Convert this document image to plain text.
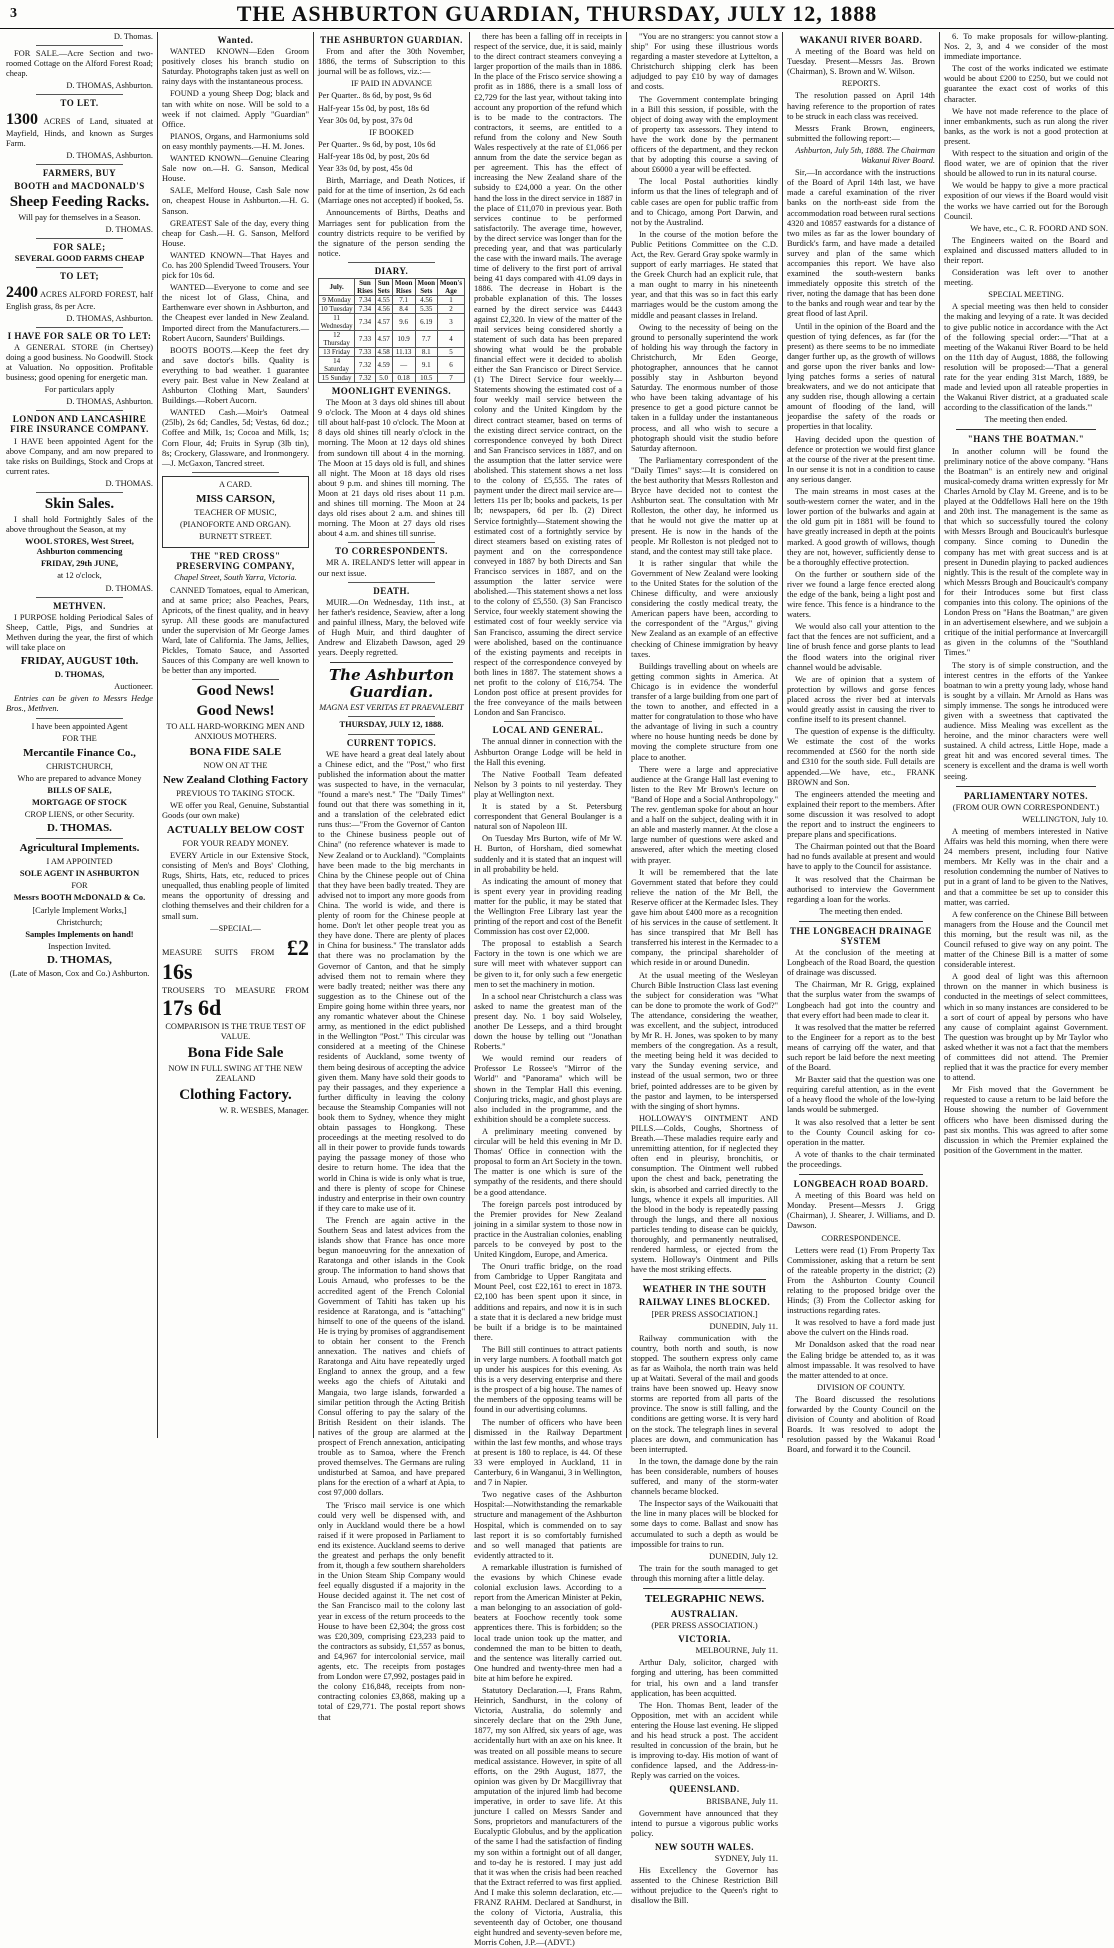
3	THE ASHBURTON GUARDIAN, THURSDAY, JULY 12, 1888

D. Thomas.

FOR SALE.—Acre Section and two-roomed Cottage on the Alford Forest Road; cheap.

D. THOMAS, Ashburton.

TO LET.

1300 ACRES of Land, situated at Mayfield, Hinds, and known as Surges Farm.

D. THOMAS, Ashburton.

FARMERS, BUY
BOOTH and MACDONALD'S
Sheep Feeding Racks.

Will pay for themselves in a Season.

D. THOMAS.

FOR SALE;

SEVERAL GOOD FARMS CHEAP

TO LET;

2400 ACRES ALFORD FOREST, half English grass, 8s per Acre.

D. THOMAS, Ashburton.

I HAVE FOR SALE OR TO LET:

A GENERAL STORE (in Chertsey) doing a good business. No Goodwill. Stock at Valuation. No opposition. Profitable business; good opening for energetic man.

For particulars apply

D. THOMAS, Ashburton.

LONDON AND LANCASHIRE FIRE INSURANCE COMPANY.

I HAVE been appointed Agent for the above Company, and am now prepared to take risks on Buildings, Stock and Crops at current rates.

D. THOMAS.

Skin Sales.

I shall hold Fortnightly Sales of the above throughout the Season, at my

WOOL STORES, West Street, Ashburton commencing

FRIDAY, 29th JUNE,

at 12 o'clock,

D. THOMAS.

METHVEN.

I PURPOSE holding Periodical Sales of Sheep, Cattle, Pigs, and Sundries at Methven during the year, the first of which will take place on

FRIDAY, AUGUST 10th.

D. THOMAS,

Auctioneer.

Entries can be given to Messrs Hedge Bros., Methven.

I have been appointed Agent

FOR THE

Mercantile Finance Co.,

CHRISTCHURCH,

Who are prepared to advance Money

BILLS OF SALE,

MORTGAGE OF STOCK

CROP LIENS, or other Security.

D. THOMAS.

Agricultural Implements.

I AM APPOINTED

SOLE AGENT IN ASHBURTON

FOR

Messrs BOOTH McDONALD & Co.

[Carlyle Implement Works,]

Christchurch;

Samples Implements on hand!

Inspection Invited.

D. THOMAS,

(Late of Mason, Cox and Co.) Ashburton.

Wanted.

WANTED KNOWN—Eden Groom positively closes his branch studio on Saturday. Photographs taken just as well on rainy days with the instantaneous process.

FOUND a young Sheep Dog; black and tan with white on nose. Will be sold to a week if not claimed. Apply "Guardian" Office.

PIANOS, Organs, and Harmoniums sold on easy monthly payments.—H. M. Jones.

WANTED KNOWN—Genuine Clearing Sale now on.—H. G. Sanson, Medical House.

SALE, Melford House, Cash Sale now on, cheapest House in Ashburton.—H. G. Sanson.

GREATEST Sale of the day, every thing cheap for Cash.—H. G. Sanson, Melford House.

WANTED KNOWN—That Hayes and Co. has 200 Splendid Tweed Trousers. Your pick for 10s 6d.

WANTED—Everyone to come and see the nicest lot of Glass, China, and Earthenware ever shown in Ashburton, and the Cheapest ever landed in New Zealand. Imported direct from the Manufacturers.—Robert Aucorn, Saunders' Buildings.

BOOTS BOOTS.—Keep the feet dry and save doctor's bills. Quality is everything to bad weather. 1 guarantee every pair. Best value in New Zealand at Ashburton Clothing Mart, Saunders' Buildings.—Robert Aucorn.

WANTED Cash.—Moir's Oatmeal (25lb), 2s 6d; Candles, 5d; Vestas, 6d doz.; Coffee and Milk, 1s; Cocoa and Milk, 1s; Corn Flour, 4d; Fruits in Syrup (3lb tin), 8s; Crockery, Glassware, and Ironmongery.—J. McGaxon, Tancred street.

A CARD.

MISS CARSON,

TEACHER OF MUSIC,

(PIANOFORTE AND ORGAN).

BURNETT STREET.

THE "RED CROSS" PRESERVING COMPANY,

Chapel Street, South Yarra, Victoria.

CANNED Tomatoes, equal to American, and at same price; also Peaches, Pears, Apricots, of the finest quality, and in heavy syrup. All these goods are manufactured under the supervision of Mr George James Ward, late of California. The Jams, Jellies, Pickles, Tomato Sauce, and Assorted Sauces of this Company are well known to be better than any imported.

Good News!
Good News!

TO ALL HARD-WORKING MEN AND ANXIOUS MOTHERS.

BONA FIDE SALE

NOW ON AT THE

New Zealand Clothing Factory

PREVIOUS TO TAKING STOCK.

WE offer you Real, Genuine, Substantial Goods (our own make)

ACTUALLY BELOW COST

FOR YOUR READY MONEY.

EVERY Article in our Extensive Stock, consisting of Men's and Boys' Clothing, Rugs, Shirts, Hats, etc, reduced to prices unequalled, thus enabling people of limited means the opportunity of dressing and clothing themselves and their children for a small sum.

—SPECIAL—

MEASURE SUITS FROM £2 16s

TROUSERS TO MEASURE FROM 17s 6d

COMPARISON IS THE TRUE TEST OF VALUE.

Bona Fide Sale

NOW IN FULL SWING AT THE NEW ZEALAND

Clothing Factory.

W. R. WESBES, Manager.

THE ASHBURTON GUARDIAN.

From and after the 30th November, 1886, the terms of Subscription to this journal will be as follows, viz.:—

IF PAID IN ADVANCE

Per Quarter.. 8s 6d, by post, 9s 6d

Half-year 15s 0d, by post, 18s 6d

Year 30s 0d, by post, 37s 0d

IF BOOKED

Per Quarter.. 9s 6d, by post, 10s 6d

Half-year 18s 0d, by post, 20s 6d

Year 33s 0d, by post, 45s 0d

Birth, Marriage, and Death Notices, if paid for at the time of insertion, 2s 6d each (Marriage ones not accepted) if booked, 5s.

Announcements of Births, Deaths and Marriages sent for publication from the country districts require to be verified by the signature of the person sending the notice.

DIARY.
July.	Sun Rises	Sun Sets	Moon Rises	Moon Sets	Moon's Age
9 Monday	7.34	4.55	7.1	4.56	1
10 Tuesday	7.34	4.56	8.4	5.35	2
11 Wednesday	7.34	4.57	9.6	6.19	3
12 Thursday	7.33	4.57	10.9	7.7	4
13 Friday	7.33	4.58	11.13	8.1	5
14 Saturday	7.32	4.59	—	9.1	6
15 Sunday	7.32	5.0	0.18	10.5	7
MOONLIGHT EVENINGS.

The Moon at 3 days old shines till about 9 o'clock. The Moon at 4 days old shines till about half-past 10 o'clock. The Moon at 8 days old shines till nearly o'clock in the morning. The Moon at 12 days old shines from sundown till about 4 in the morning. The Moon at 15 days old is full, and shines all night. The Moon at 18 days old rises about 9 p.m. and shines till morning. The Moon at 21 days old rises about 11 p.m. and shines till morning. The Moon at 24 days old rises about 2 a.m. and shines till morning. The Moon at 27 days old rises about 4 a.m. and shines till sunrise.

TO CORRESPONDENTS.

MR A. IRELAND'S letter will appear in our next issue.

DEATH.

MUIR.—On Wednesday, 11th inst., at her father's residence, Seaview, after a long and painful illness, Mary, the beloved wife of Hugh Muir, and third daughter of Andrew and Elizabeth Dawson, aged 29 years. Deeply regretted.

The Ashburton Guardian.

MAGNA EST VERITAS ET PRAEVALEBIT

THURSDAY, JULY 12, 1888.

CURRENT TOPICS.

WE have heard a great deal lately about a Chinese edict, and the "Post," who first published the information about the matter was suspected to have, in the vernacular, "found a mare's nest." The "Daily Times" found out that there was something in it, and a translation of the celebrated edict runs thus:—"From the Governor of Canton to the Chinese business people out of China" (no reference whatever is made to New Zealand or to Auckland). "Complaints have been made to the big merchants in China by the Chinese people out of China that they have been badly treated. They are advised not to import any more goods from China. The world is wide, and there is plenty of room for the Chinese people at home. Don't let other people treat you as they have done. There are plenty of places in China for business." The translator adds that there was no proclamation by the Governor of Canton, and that he simply advised them not to remain where they were badly treated; neither was there any suggestion as to the Chinese out of the Empire going home within three years, nor any romantic whatever about the Chinese army, as mentioned in the edict published in the Wellington "Post." This circular was considered at a meeting of the Chinese residents of Auckland, some twenty of them being desirous of accepting the advice given them. Many have sold their goods to pay their passages, and they experience a further difficulty in leaving the colony because the Steamship Companies will not book them to Sydney, whence they might obtain passages to Hongkong. These proceedings at the meeting resolved to do all in their power to provide funds towards paying the passage money of those who desire to return home. The idea that the world in China is wide is only what is true, and there is plenty of scope for Chinese industry and enterprise in their own country if they care to make use of it.

The French are again active in the Southern Seas and latest advices from the islands show that France has once more begun manoeuvring for the annexation of Raratonga and other islands in the Cook group. The information to hand shows that Louis Arnaud, who professes to be the accredited agent of the French Colonial Government of Tahiti has taken up his residence at Raratonga, and is "attaching" himself to one of the queens of the island. He is trying by promises of aggrandisement to obtain her consent to the French annexation. The natives and chiefs of Raratonga and Aitu have repeatedly urged England to annex the group, and a few weeks ago the chiefs of Aitutaki and Mangaia, two large islands, forwarded a similar petition through the Acting British Consul offering to pay the salary of the British Resident on their islands. The natives of the group are alarmed at the prospect of French annexation, anticipating trouble as to Samoa, where the French proved themselves. The Germans are ruling undisturbed at Samoa, and have prepared plans for the erection of a wharf at Apia, to cost 97,000 dollars.

The 'Frisco mail service is one which could very well be dispensed with, and only in Auckland would there be a howl raised if it were proposed in Parliament to end its existence. Auckland seems to derive the greatest and perhaps the only benefit from it, though a few southern shareholders in the Union Steam Ship Company would feel equally disgusted if a majority in the House decided against it. The net cost of the San Francisco mail to the colony last year in excess of the return proceeds to the House to have been £2,304; the gross cost was £20,309, comprising £23,233 paid to the contractors as subsidy, £1,557 as bonus, and £4,967 for intercolonial service, mail agents, etc. The receipts from postages from London were £7,992, postages paid in the colony £16,848, receipts from non-contracting colonies £3,868, making up a total of £29,771. The postal report shows that

there has been a falling off in receipts in respect of the service, due, it is said, mainly to the direct contract steamers conveying a larger proportion of the mails than in 1886. In the place of the Frisco service showing a profit as in 1886, there is a small loss of £2,729 for the last year, without taking into account any proportion of the refund which is to be made to the contractors. The contractors, it seems, are entitled to a refund from the colony and New South Wales respectively at the rate of £1,066 per annum from the date the service began as per agreement. This has the effect of increasing the New Zealand share of the subsidy to £24,000 a year. On the other hand the loss in the direct service in 1887 in the place of £11,070 in previous year. Both services continue to be performed satisfactorily. The average time, however, by the direct service was longer than for the preceding year, and that was particularly the case with the inward mails. The average time of delivery to the first port of arrival being 41 days compared with 41.09 days in 1886. The decrease in Hobart is the probable explanation of this. The losses earned by the direct service was £4443 against £2,320. In view of the matter of the mail services being considered shortly a statement of such data has been prepared showing what would be the probable financial effect were it decided to abolish either the San Francisco or Direct Service. (1) The Direct Service four weekly—Statements showing the estimated cost of a four weekly mail service between the colony and the United Kingdom by the direct contract steamer, based on terms of the existing direct service contract, on the correspondence conveyed by both Direct and San Francisco services in 1887, and on the assumption that the latter service were abolished. This statement shows a net loss to the colony of £5,555. The rates of payment under the direct mail service are—letters 11s per lb; books and packets, 1s per lb; newspapers, 6d per lb. (2) Direct Service fortnightly—Statement showing the estimated cost of a fortnightly service by direct steamers based on existing rates of payment and on the correspondence conveyed in 1887 by both Directs and San Francisco services in 1887, and on the assumption the latter service were abolished.—This statement shows a net loss to the colony of £5,550. (3) San Francisco Service, four weekly statement showing the estimated cost of four weekly service via San Francisco, assuming the direct service were abolished, based on the continuance of the existing payments and receipts in respect of the correspondence conveyed by both lines in 1887. The statement shows a net profit to the colony of £16,754. The London post office at present provides for the free conveyance of the mails between London and San Francisco.

LOCAL AND GENERAL.

The annual dinner in connection with the Ashburton Orange Lodge will be held in the Hall this evening.

The Native Football Team defeated Nelson by 3 points to nil yesterday. They play at Wellington next.

It is stated by a St. Petersburg correspondent that General Boulanger is a natural son of Napoleon III.

On Tuesday Mrs Burton, wife of Mr W. H. Burton, of Horsham, died somewhat suddenly and it is stated that an inquest will in all probability be held.

As indicating the amount of money that is spent every year in providing reading matter for the public, it may be stated that the Wellington Free Library last year the printing of the report and cost of the Benefit Commission has cost over £2,000.

The proposal to establish a Search Factory in the town is one which we are sure will meet with whatever support can be given to it, for only such a few energetic men to set the machinery in motion.

In a school near Christchurch a class was asked to name the greatest man of the present day. No. 1 boy said Wolseley, another De Lesseps, and a third brought down the house by telling out "Jonathan Roberts."

We would remind our readers of Professor Le Rossee's "Mirror of the World" and "Panorama" which will be shown in the Templar Hall this evening. Conjuring tricks, magic, and ghost plays are also included in the programme, and the exhibition should be a complete success.

A preliminary meeting convened by circular will be held this evening in Mr D. Thomas' Office in connection with the proposal to form an Art Society in the town. The matter is one which is sure of the sympathy of the residents, and there should be a good attendance.

The foreign parcels post introduced by the Premier provides for New Zealand joining in a similar system to those now in practice in the Australian colonies, enabling parcels to be conveyed by post to the United Kingdom, Europe, and America.

The Onuri traffic bridge, on the road from Cambridge to Upper Rangitata and Mount Peel, cost £22,161 to erect in 1873. £2,100 has been spent upon it since, in additions and repairs, and now it is in such a state that it is declared a new bridge must be built if a bridge is to be maintained there.

The Bill still continues to attract patients in very large numbers. A football match got up under his auspices for this evening. As this is a very deserving enterprise and there is the prospect of a big house. The names of the members of the opposing teams will be found in our advertising columns.

The number of officers who have been dismissed in the Railway Department within the last few months, and whose trays at present is 180 to replace, is 44. Of these 33 were employed in Auckland, 11 in Canterbury, 6 in Wanganui, 3 in Wellington, and 7 in Napier.

Two negative cases of the Ashburton Hospital:—Notwithstanding the remarkable structure and management of the Ashburton Hospital, which is commended on to say last report it is so comfortably furnished and so well managed that patients are evidently attracted to it.

A remarkable illustration is furnished of the evasions by which Chinese evade colonial exclusion laws. According to a report from the American Minister at Pekin, a man belonging to an association of gold-beaters at Foochow recently took some apprentices there. This is forbidden; so the local trade union took up the matter, and condemned the man to be bitten to death, and the sentence was literally carried out. One hundred and twenty-three men had a bite at him before he expired.

Statutory Declaration.—I, Frans Rahm, Heinrich, Sandhurst, in the colony of Victoria, Australia, do solemnly and sincerely declare that on the 29th June, 1877, my son Alfred, six years of age, was accidentally hurt with an axe on his knee. It was treated on all possible means to secure medical assistance. However, in spite of all efforts, on the 29th August, 1877, the opinion was given by Dr Macgillivray that amputation of the injured limb had become imperative, in order to save life. At this juncture I called on Messrs Sander and Sons, proprietors and manufacturers of the Eucalyptic Globulus, and by the application of the same I had the satisfaction of finding my son within a fortnight out of all danger, and to-day he is restored. I may just add that it was when the crisis had been reached that the Extract referred to was first applied. And I make this solemn declaration, etc.—FRANZ RAHM. Declared at Sandhurst, in the colony of Victoria, Australia, this seventeenth day of October, one thousand eight hundred and seventy-seven before me, Morris Cohen, J.P.—(ADVT.)

"You are no strangers: you cannot stow a ship" For using these illustrious words regarding a master stevedore at Lyttelton, a Christchurch shipping clerk has been adjudged to pay £10 by way of damages and costs.

The Government contemplate bringing in a Bill this session, if possible, with the object of doing away with the employment of property tax assessors. They intend to have the work done by the permanent officers of the department, and they reckon that by adopting this course a saving of about £6000 a year will be effected.

The local Postal authorities kindly inform us that the lines of telegraph and of cable cases are open for public traffic from and to Chicago, among Port Darwin, and not by the Australind.

In the course of the motion before the Public Petitions Committee on the C.D. Act, the Rev. Gerard Gray spoke warmly in support of early marriages. He stated that the Greek Church had an explicit rule, that a man ought to marry in his nineteenth year, and that this was so in fact this early marriages would be the custom among the middle and peasant classes in Ireland.

Owing to the necessity of being on the ground to personally superintend the work of holding his way through the factory in Christchurch, Mr Eden George, photographer, announces that he cannot possibly stay in Ashburton beyond Saturday. The enormous number of those who have been taking advantage of his presence to get a good picture cannot be taken in a fullday under the instantaneous process, and all who wish to secure a photograph should visit the studio before Saturday afternoon.

The Parliamentary correspondent of the "Daily Times" says:—It is considered on the best authority that Messrs Rolleston and Bryce have decided not to contest the Ashburton seat. The consultation with Mr Rolleston, the other day, he informed us that he would not give the matter up at present. He is now in the hands of the people. Mr Rolleston is not pledged not to stand, and the contest may still take place.

It is rather singular that while the Government of New Zealand were looking to the United States for the solution of the Chinese difficulty, and were anxiously considering the costly medical treaty, the American papers have been, according to the correspondent of the "Argus," giving New Zealand as an example of an effective checking of Chinese immigration by heavy taxes.

Buildings travelling about on wheels are getting common sights in America. At Chicago is in evidence the wonderful transfer of a large building from one part of the town to another, and effected in a matter for congratulation to those who have the advantage of living in such a country where no house hunting needs be done by moving the complete structure from one place to another.

There were a large and appreciative audience at the Grange Hall last evening to listen to the Rev Mr Brown's lecture on "Band of Hope and a Social Anthropology." The rev. gentleman spoke for about an hour and a half on the subject, dealing with it in an able and masterly manner. At the close a large number of questions were asked and answered, after which the meeting closed with prayer.

It will be remembered that the late Government stated that before they could relieve the nation of the Mr Bell, the Reserve officer at the Kermadec Isles. They gave him about £400 more as a recognition of his services in the cause of settlement. It has since transpired that Mr Bell has transferred his interest in the Kermadec to a company, the principal shareholder of which reside in or around Dunedin.

At the usual meeting of the Wesleyan Church Bible Instruction Class last evening the subject for consideration was "What can be done to promote the work of God?" The attendance, considering the weather, was excellent, and the subject, introduced by Mr R. H. Jones, was spoken to by many members of the congregation. As a result, the meeting being held it was decided to vary the Sunday evening service, and instead of the usual sermon, two or three brief, pointed addresses are to be given by the pastor and laymen, to be interspersed with the singing of short hymns.

HOLLOWAY'S OINTMENT AND PILLS.—Colds, Coughs, Shortness of Breath.—These maladies require early and unremitting attention, for if neglected they often end in pleurisy, bronchitis, or consumption. The Ointment well rubbed upon the chest and back, penetrating the skin, is absorbed and carried directly to the lungs, whence it expels all impurities. All the blood in the body is repeatedly passing through the lungs, and there all noxious particles tending to disease can be quickly, thoroughly, and permanently neutralised, rendered harmless, or ejected from the system. Holloway's Ointment and Pills have the most striking effects.

WEATHER IN THE SOUTH
RAILWAY LINES BLOCKED.

[PER PRESS ASSOCIATION.]

DUNEDIN, July 11.

Railway communication with the country, both north and south, is now stopped. The southern express only came as far as Waihola, the north train was held up at Waitati. Several of the mail and goods trains have been snowed up. Heavy snow storms are reported from all parts of the province. The snow is still falling, and the conditions are getting worse. It is very hard on the stock. The telegraph lines in several places are down, and communication has been interrupted.

In the town, the damage done by the rain has been considerable, numbers of houses suffered, and many of the storm-water channels became blocked.

The Inspector says of the Waikouaiti that the line in many places will be blocked for some days to come. Ballast and snow has accumulated to such a depth as would be impossible for trains to run.

DUNEDIN, July 12.

The train for the south managed to get through this morning after a little delay.

TELEGRAPHIC NEWS.
AUSTRALIAN.

(PER PRESS ASSOCIATION.)

VICTORIA.

MELBOURNE, July 11.

Arthur Daly, solicitor, charged with forging and uttering, has been committed for trial, his own and a land transfer application, has been acquitted.

The Hon. Thomas Bent, leader of the Opposition, met with an accident while entering the House last evening. He slipped and his head struck a post. The accident resulted in concussion of the brain, but he is improving to-day. His motion of want of confidence lapsed, and the Address-in-Reply was carried on the voices.

QUEENSLAND.

BRISBANE, July 11.

Government have announced that they intend to pursue a vigorous public works policy.

NEW SOUTH WALES.

SYDNEY, July 11.

His Excellency the Governor has assented to the Chinese Restriction Bill without prejudice to the Queen's right to disallow the Bill.

WAKANUI RIVER BOARD.

A meeting of the Board was held on Tuesday. Present—Messrs Jas. Brown (Chairman), S. Brown and W. Wilson.

REPORTS.

The resolution passed on April 14th having reference to the proportion of rates to be struck in each class was received.

Messrs Frank Brown, engineers, submitted the following report:—

Ashburton, July 5th, 1888. The Chairman Wakanui River Board.

Sir,—In accordance with the instructions of the Board of April 14th last, we have made a careful examination of the river banks on the north-east side from the accommodation road between rural sections 4320 and 10857 eastwards for a distance of two miles as far as the lower boundary of Burdick's farm, and have made a detailed survey and plan of the same which accompanies this report. We have also examined the south-western banks immediately opposite this stretch of the river, noting the damage that has been done to the banks and rough wear and tear by the great flood of last April.

Until in the opinion of the Board and the question of tying defences, as far (for the present) as there seems to be no immediate danger further up, as the growth of willows and gorse upon the river banks and low-lying patches forms a series of natural breakwaters, and we do not anticipate that any sudden rise, though allowing a certain amount of flooding of the land, will jeopardise the safety of the roads or properties in that locality.

Having decided upon the question of defence or protection we would first glance at the course of the river at the present time. In our sense it is not in a condition to cause any serious danger.

The main streams in most cases at the south-western corner the water, and in the lower portion of the bulwarks and again at the old gum pit in 1881 will be found to have greatly increased in depth at the points marked. A good growth of willows, though they are not, however, sufficiently dense to be a thoroughly effective protection.

On the further or southern side of the river we found a large fence erected along the edge of the bank, being a light post and wire fence. This fence is a hindrance to the waters.

We would also call your attention to the fact that the fences are not sufficient, and a line of brush fence and gorse plants to lead the flood waters into the original river channel would be advisable.

We are of opinion that a system of protection by willows and gorse fences placed across the river bed at intervals would greatly assist in causing the river to confine itself to its present channel.

The question of expense is the difficulty. We estimate the cost of the works recommended at £560 for the north side and £310 for the south side. Full details are appended.—We have, etc., FRANK BROWN and Son.

The engineers attended the meeting and explained their report to the members. After some discussion it was resolved to adopt the report and to instruct the engineers to prepare plans and specifications.

The Chairman pointed out that the Board had no funds available at present and would have to apply to the Council for assistance.

It was resolved that the Chairman be authorised to interview the Government regarding a loan for the works.

The meeting then ended.

THE LONGBEACH DRAINAGE SYSTEM

At the conclusion of the meeting at Longbeach of the Road Board, the question of drainage was discussed.

The Chairman, Mr R. Grigg, explained that the surplus water from the swamps of Longbeach had got into the country and that every effort had been made to clear it.

It was resolved that the matter be referred to the Engineer for a report as to the best means of carrying off the water, and that such report be laid before the next meeting of the Board.

Mr Baxter said that the question was one requiring careful attention, as in the event of a heavy flood the whole of the low-lying lands would be submerged.

It was also resolved that a letter be sent to the County Council asking for co-operation in the matter.

A vote of thanks to the chair terminated the proceedings.

LONGBEACH ROAD BOARD.

A meeting of this Board was held on Monday. Present—Messrs J. Grigg (Chairman), J. Shearer, J. Williams, and D. Dawson.

CORRESPONDENCE.

Letters were read (1) From Property Tax Commissioner, asking that a return be sent of the rateable property in the district; (2) From the Ashburton County Council relating to the proposed bridge over the Hinds; (3) From the Collector asking for instructions regarding rates.

It was resolved to have a ford made just above the culvert on the Hinds road.

Mr Donaldson asked that the road near the Ealing bridge be attended to, as it was almost impassable. It was resolved to have the matter attended to at once.

DIVISION OF COUNTY.

The Board discussed the resolutions forwarded by the County Council on the division of County and abolition of Road Boards. It was resolved to adopt the resolution passed by the Wakanui Road Board, and forward it to the Council.

6. To make proposals for willow-planting. Nos. 2, 3, and 4 we consider of the most immediate importance.

The cost of the works indicated we estimate would be about £200 to £250, but we could not guarantee the exact cost of works of this character.

We have not made reference to the place of inner embankments, such as run along the river banks, as the work is not a good protection at present.

With respect to the situation and origin of the flood water, we are of opinion that the river should be allowed to run in its natural course.

We would be happy to give a more practical exposition of our views if the Board would visit the works we have carried out for the Borough Council.

We have, etc., C. R. FOORD AND SON.

The Engineers waited on the Board and explained and discussed matters alluded to in their report.

Consideration was left over to another meeting.

SPECIAL MEETING.

A special meeting was then held to consider the making and levying of a rate. It was decided to give public notice in accordance with the Act of the following special order:—"That at a meeting of the Wakanui River Board to be held on the 11th day of August, 1888, the following resolution will be proposed:—'That a general rate for the year ending 31st March, 1889, be made and levied upon all rateable properties in the Wakanui River district, at a graduated scale according to the classification of the lands.'"

The meeting then ended.

"HANS THE BOATMAN."

In another column will be found the preliminary notice of the above company. "Hans the Boatman" is an entirely new and original musical-comedy drama written expressly for Mr Charles Arnold by Clay M. Greene, and is to be played at the Oddfellows Hall here on the 19th and 20th inst. The management is the same as that which so successfully toured the colony with Messrs Brough and Boucicault's burlesque company. Since coming to Dunedin the company has met with great success and is at present in Dunedin playing to packed audiences nightly. This is the result of the complete way in which Messrs Brough and Boucicault's company for their Introduces some but first class companies into this colony. The opinions of the London Press on "Hans the Boatman," are given in an advertisement elsewhere, and we subjoin a critique of the initial performance at Invercargill as given in the columns of the "Southland Times."

The story is of simple construction, and the interest centres in the efforts of the Yankee boatman to win a pretty young lady, whose hand is sought by a villain. Mr Arnold as Hans was simply immense. The songs he introduced were given with a sweetness that captivated the audience. Miss Mealing was excellent as the heroine, and the minor characters were well sustained. A child actress, Little Hope, made a great hit and was encored several times. The scenery is excellent and the drama is well worth seeing.

PARLIAMENTARY NOTES.

(FROM OUR OWN CORRESPONDENT.)

WELLINGTON, July 10.

A meeting of members interested in Native Affairs was held this morning, when there were 24 members present, including four Native members. Mr Kelly was in the chair and a resolution condemning the number of Natives to put in a grant of land to be given to the Natives, and that a committee be set up to consider this matter, was carried.

A few conference on the Chinese Bill between managers from the House and the Council met this morning, but the result was nil, as the Council refused to give way on any point. The matter of the Chinese Bill is a matter of some considerable interest.

A good deal of light was this afternoon thrown on the manner in which business is conducted in the meetings of select committees, which in so many instances are considered to be a sort of court of appeal by persons who have any cause of complaint against Government. The question was brought up by Mr Taylor who asked whether it was not a fact that the members of committees did not attend. The Premier replied that it was the practice for every member to attend.

Mr Fish moved that the Government be requested to cause a return to be laid before the House showing the number of Government officers who have been dismissed during the past six months. This was agreed to after some discussion in which the Premier explained the position of the Government in the matter.
